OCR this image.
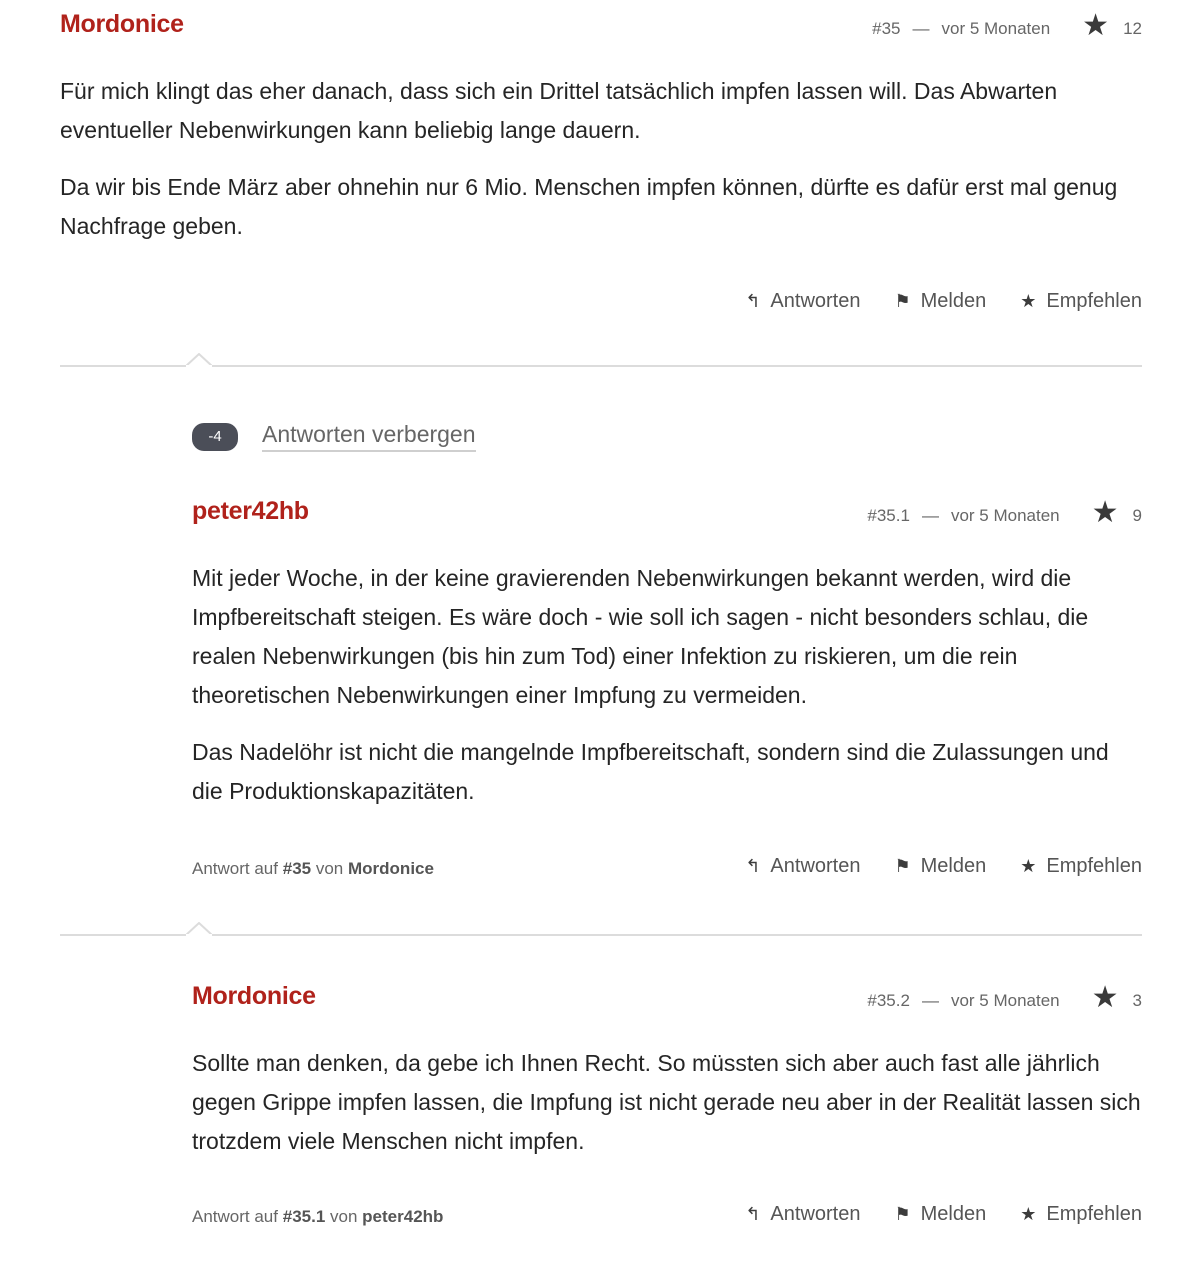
Mordonice	#35 — vor 5 Monaten ★ 12

Für mich klingt das eher danach, dass sich ein Drittel tatsächlich impfen lassen will. Das Abwarten eventueller Nebenwirkungen kann beliebig lange dauern.

Da wir bis Ende März aber ohnehin nur 6 Mio. Menschen impfen können, dürfte es dafür erst mal genug Nachfrage geben.

↰ Antworten ⚑ Melden ★ Empfehlen
-4	Antworten verbergen
peter42hb	#35.1 — vor 5 Monaten ★ 9

Mit jeder Woche, in der keine gravierenden Nebenwirkungen bekannt werden, wird die Impfbereitschaft steigen. Es wäre doch - wie soll ich sagen - nicht besonders schlau, die realen Nebenwirkungen (bis hin zum Tod) einer Infektion zu riskieren, um die rein theoretischen Nebenwirkungen einer Impfung zu vermeiden.

Das Nadelöhr ist nicht die mangelnde Impfbereitschaft, sondern sind die Zulassungen und die Produktionskapazitäten.

Antwort auf #35 von Mordonice	↰ Antworten ⚑ Melden ★ Empfehlen
Mordonice	#35.2 — vor 5 Monaten ★ 3

Sollte man denken, da gebe ich Ihnen Recht. So müssten sich aber auch fast alle jährlich gegen Grippe impfen lassen, die Impfung ist nicht gerade neu aber in der Realität lassen sich trotzdem viele Menschen nicht impfen.

Antwort auf #35.1 von peter42hb	↰ Antworten ⚑ Melden ★ Empfehlen
